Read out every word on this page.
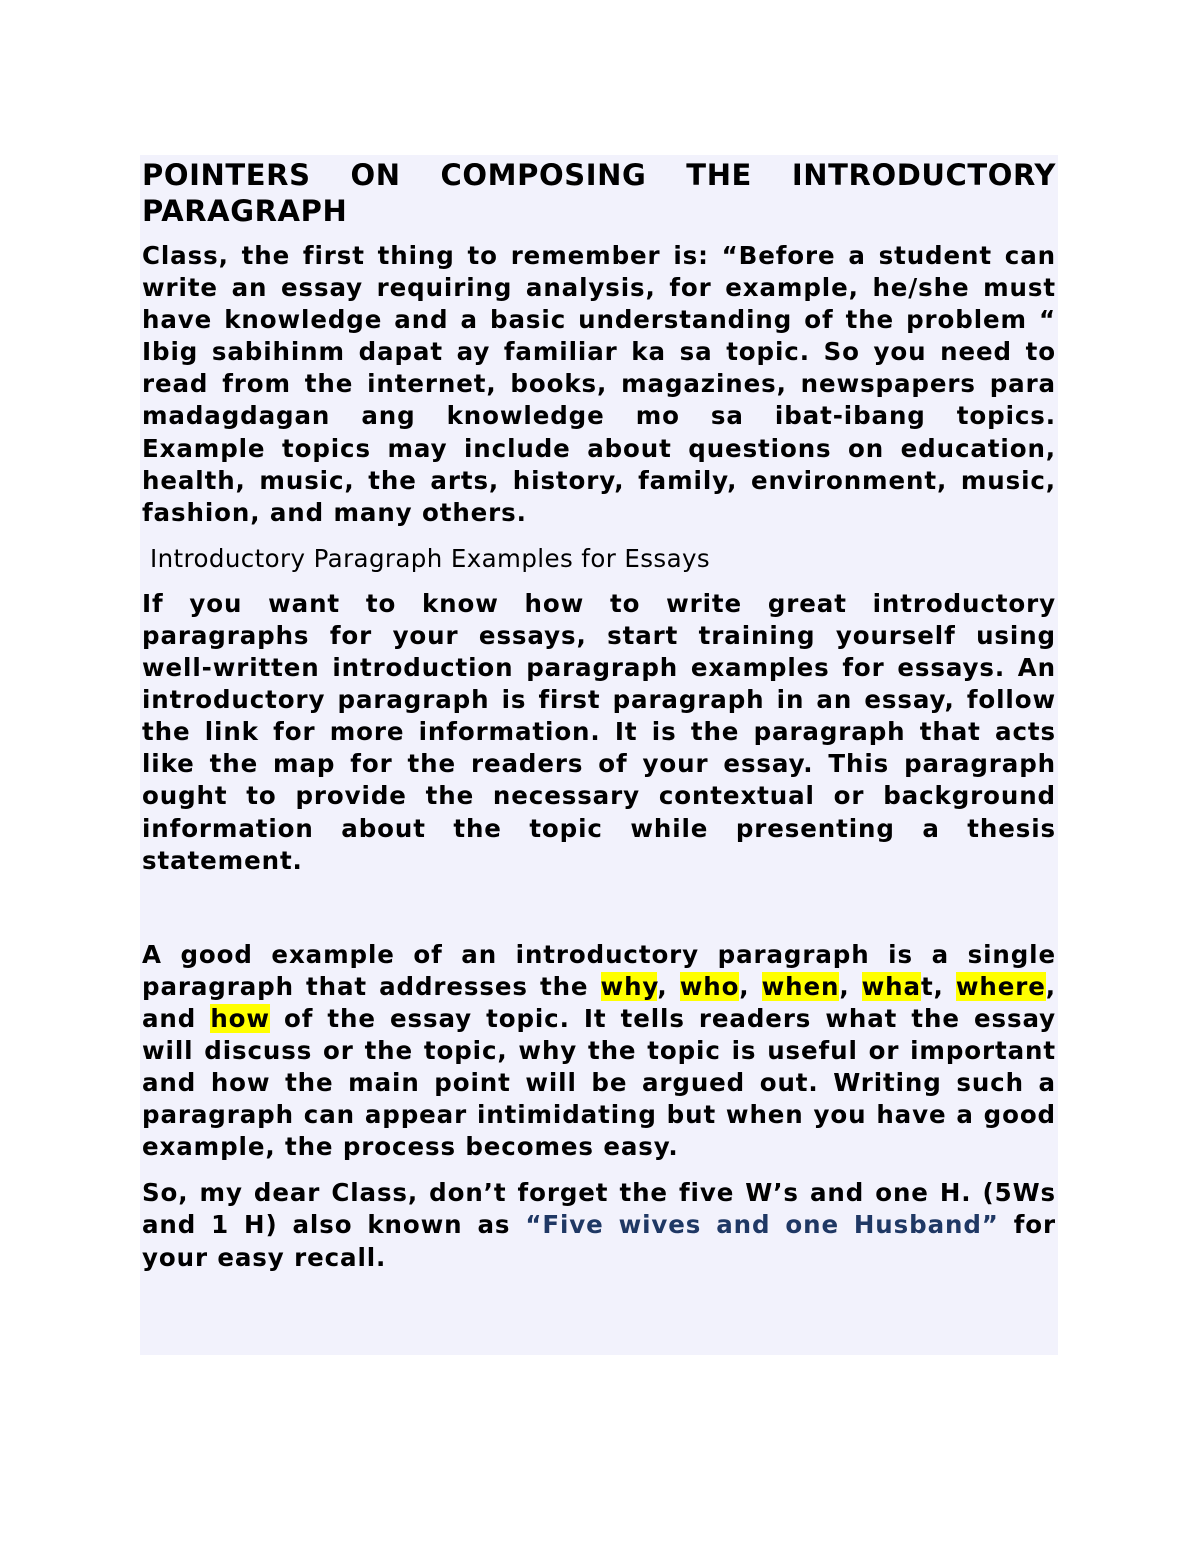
POINTERS ON COMPOSING THE INTRODUCTORY PARAGRAPH

Class, the first thing to remember is: “Before a student can write an essay requiring analysis, for example, he/she must have knowledge and a basic understanding of the problem “ Ibig sabihinm dapat ay familiar ka sa topic. So you need to read from the internet, books, magazines, newspapers para madagdagan ang knowledge mo sa ibat-ibang topics. Example topics may include about questions on education, health, music, the arts, history, family, environment, music, fashion, and many others.

Introductory Paragraph Examples for Essays

If you want to know how to write great introductory paragraphs for your essays, start training yourself using well-written introduction paragraph examples for essays. An introductory paragraph is first paragraph in an essay, follow the link for more information. It is the paragraph that acts like the map for the readers of your essay. This paragraph ought to provide the necessary contextual or background information about the topic while presenting a thesis statement.

A good example of an introductory paragraph is a single paragraph that addresses the why, who, when, what, where, and how of the essay topic. It tells readers what the essay will discuss or the topic, why the topic is useful or important and how the main point will be argued out. Writing such a paragraph can appear intimidating but when you have a good example, the process becomes easy.

So, my dear Class, don’t forget the five W’s and one H. (5Ws and 1 H) also known as “Five wives and one Husband” for your easy recall.
